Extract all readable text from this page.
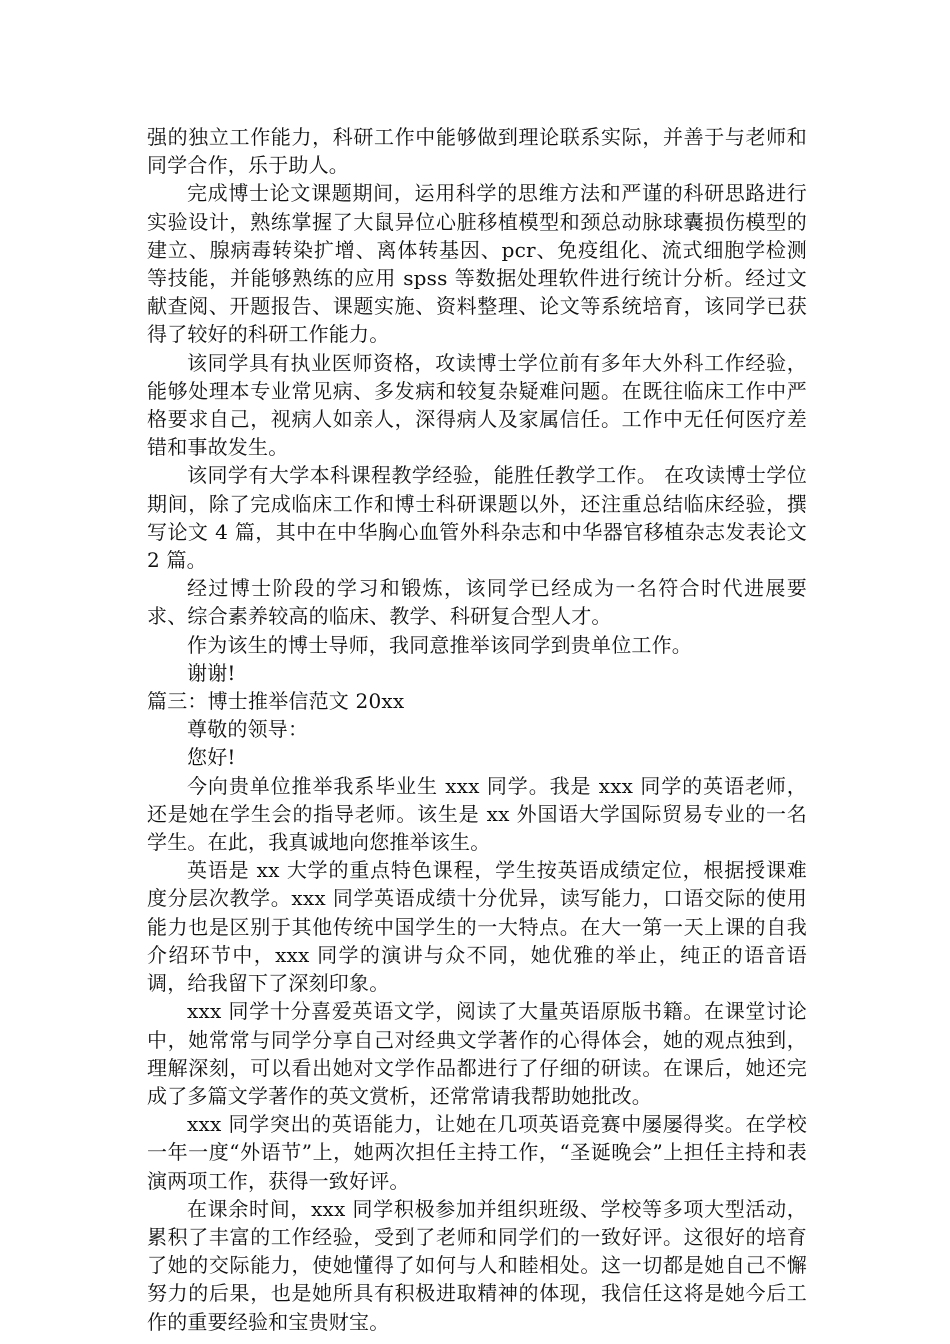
强的独立工作能力，科研工作中能够做到理论联系实际，并善于与老师和同学合作，乐于助人。

完成博士论文课题期间，运用科学的思维方法和严谨的科研思路进行实验设计，熟练掌握了大鼠异位心脏移植模型和颈总动脉球囊损伤模型的建立、腺病毒转染扩增、离体转基因、pcr、免疫组化、流式细胞学检测等技能，并能够熟练的应用 spss 等数据处理软件进行统计分析。经过文献查阅、开题报告、课题实施、资料整理、论文等系统培育，该同学已获得了较好的科研工作能力。

该同学具有执业医师资格，攻读博士学位前有多年大外科工作经验，能够处理本专业常见病、多发病和较复杂疑难问题。在既往临床工作中严格要求自己，视病人如亲人，深得病人及家属信任。工作中无任何医疗差错和事故发生。

该同学有大学本科课程教学经验，能胜任教学工作。 在攻读博士学位期间，除了完成临床工作和博士科研课题以外，还注重总结临床经验，撰写论文 4 篇，其中在中华胸心血管外科杂志和中华器官移植杂志发表论文 2 篇。

经过博士阶段的学习和锻炼，该同学已经成为一名符合时代进展要求、综合素养较高的临床、教学、科研复合型人才。

作为该生的博士导师，我同意推举该同学到贵单位工作。

谢谢!

篇三：博士推举信范文 20xx

尊敬的领导：

您好!

今向贵单位推举我系毕业生 xxx 同学。我是 xxx 同学的英语老师，还是她在学生会的指导老师。该生是 xx 外国语大学国际贸易专业的一名学生。在此，我真诚地向您推举该生。

英语是 xx 大学的重点特色课程，学生按英语成绩定位，根据授课难度分层次教学。xxx 同学英语成绩十分优异，读写能力，口语交际的使用能力也是区别于其他传统中国学生的一大特点。在大一第一天上课的自我介绍环节中，xxx 同学的演讲与众不同，她优雅的举止，纯正的语音语调，给我留下了深刻印象。

xxx 同学十分喜爱英语文学，阅读了大量英语原版书籍。在课堂讨论中，她常常与同学分享自己对经典文学著作的心得体会，她的观点独到，理解深刻，可以看出她对文学作品都进行了仔细的研读。在课后，她还完成了多篇文学著作的英文赏析，还常常请我帮助她批改。

xxx 同学突出的英语能力，让她在几项英语竞赛中屡屡得奖。在学校一年一度“外语节”上，她两次担任主持工作，“圣诞晚会”上担任主持和表演两项工作，获得一致好评。

在课余时间，xxx 同学积极参加并组织班级、学校等多项大型活动，累积了丰富的工作经验，受到了老师和同学们的一致好评。这很好的培育了她的交际能力，使她懂得了如何与人和睦相处。这一切都是她自己不懈努力的后果，也是她所具有积极进取精神的体现，我信任这将是她今后工作的重要经验和宝贵财宝。
